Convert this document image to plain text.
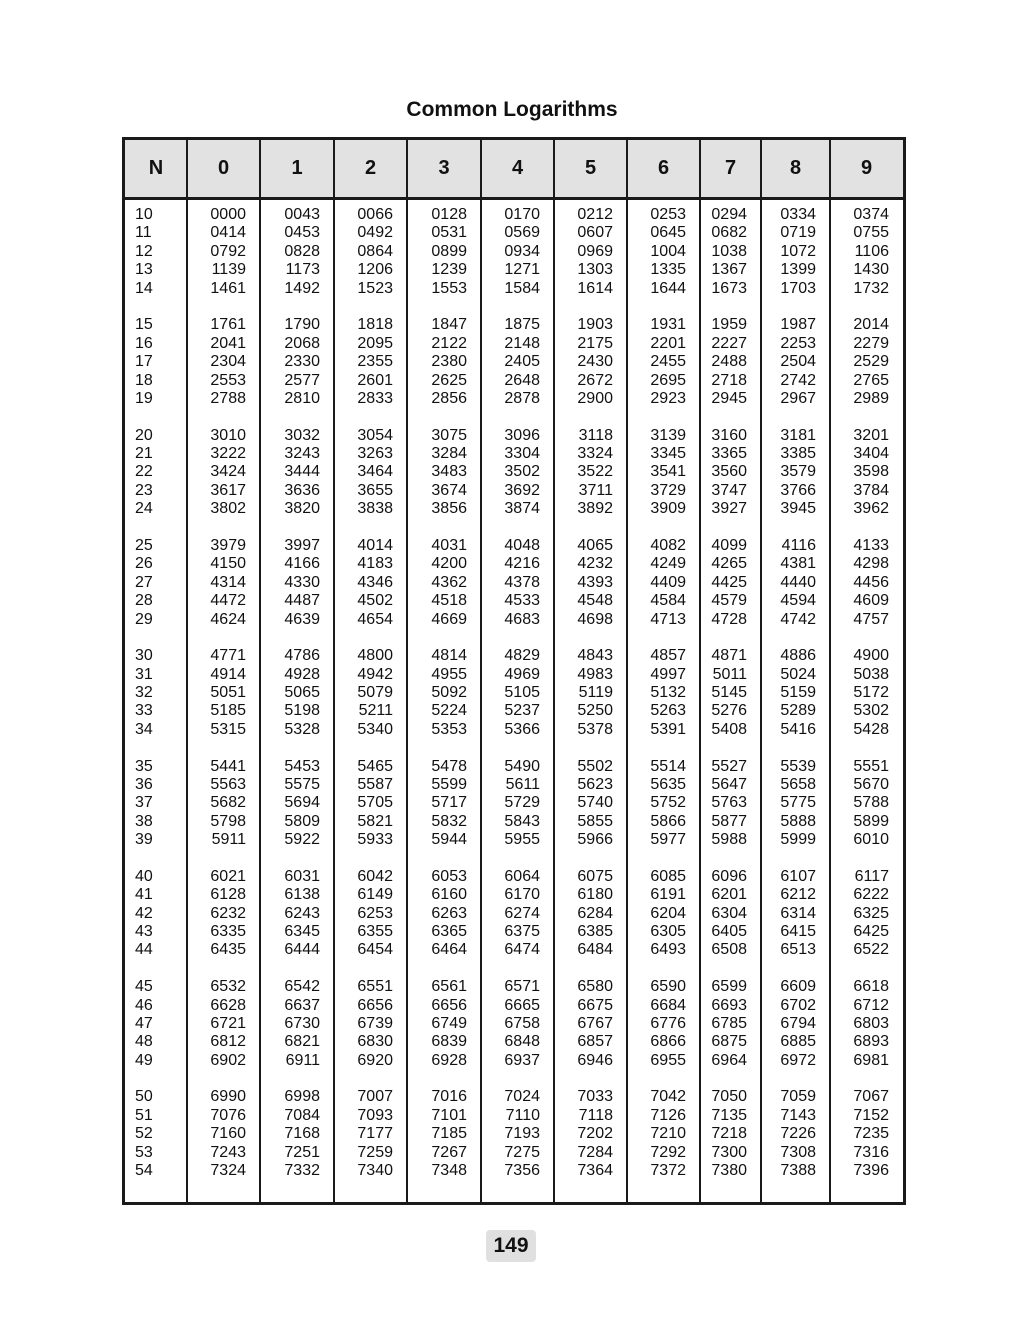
Common Logarithms
N	0	1	2	3	4	5	6	7	8	9
10	0000	0043	0066	0128	0170	0212	0253	0294	0334	0374
11	0414	0453	0492	0531	0569	0607	0645	0682	0719	0755
12	0792	0828	0864	0899	0934	0969	1004	1038	1072	1106
13	1139	1173	1206	1239	1271	1303	1335	1367	1399	1430
14	1461	1492	1523	1553	1584	1614	1644	1673	1703	1732
15	1761	1790	1818	1847	1875	1903	1931	1959	1987	2014
16	2041	2068	2095	2122	2148	2175	2201	2227	2253	2279
17	2304	2330	2355	2380	2405	2430	2455	2488	2504	2529
18	2553	2577	2601	2625	2648	2672	2695	2718	2742	2765
19	2788	2810	2833	2856	2878	2900	2923	2945	2967	2989
20	3010	3032	3054	3075	3096	3118	3139	3160	3181	3201
21	3222	3243	3263	3284	3304	3324	3345	3365	3385	3404
22	3424	3444	3464	3483	3502	3522	3541	3560	3579	3598
23	3617	3636	3655	3674	3692	3711	3729	3747	3766	3784
24	3802	3820	3838	3856	3874	3892	3909	3927	3945	3962
25	3979	3997	4014	4031	4048	4065	4082	4099	4116	4133
26	4150	4166	4183	4200	4216	4232	4249	4265	4381	4298
27	4314	4330	4346	4362	4378	4393	4409	4425	4440	4456
28	4472	4487	4502	4518	4533	4548	4584	4579	4594	4609
29	4624	4639	4654	4669	4683	4698	4713	4728	4742	4757
30	4771	4786	4800	4814	4829	4843	4857	4871	4886	4900
31	4914	4928	4942	4955	4969	4983	4997	5011	5024	5038
32	5051	5065	5079	5092	5105	5119	5132	5145	5159	5172
33	5185	5198	5211	5224	5237	5250	5263	5276	5289	5302
34	5315	5328	5340	5353	5366	5378	5391	5408	5416	5428
35	5441	5453	5465	5478	5490	5502	5514	5527	5539	5551
36	5563	5575	5587	5599	5611	5623	5635	5647	5658	5670
37	5682	5694	5705	5717	5729	5740	5752	5763	5775	5788
38	5798	5809	5821	5832	5843	5855	5866	5877	5888	5899
39	5911	5922	5933	5944	5955	5966	5977	5988	5999	6010
40	6021	6031	6042	6053	6064	6075	6085	6096	6107	6117
41	6128	6138	6149	6160	6170	6180	6191	6201	6212	6222
42	6232	6243	6253	6263	6274	6284	6204	6304	6314	6325
43	6335	6345	6355	6365	6375	6385	6305	6405	6415	6425
44	6435	6444	6454	6464	6474	6484	6493	6508	6513	6522
45	6532	6542	6551	6561	6571	6580	6590	6599	6609	6618
46	6628	6637	6656	6656	6665	6675	6684	6693	6702	6712
47	6721	6730	6739	6749	6758	6767	6776	6785	6794	6803
48	6812	6821	6830	6839	6848	6857	6866	6875	6885	6893
49	6902	6911	6920	6928	6937	6946	6955	6964	6972	6981
50	6990	6998	7007	7016	7024	7033	7042	7050	7059	7067
51	7076	7084	7093	7101	7110	7118	7126	7135	7143	7152
52	7160	7168	7177	7185	7193	7202	7210	7218	7226	7235
53	7243	7251	7259	7267	7275	7284	7292	7300	7308	7316
54	7324	7332	7340	7348	7356	7364	7372	7380	7388	7396
149
